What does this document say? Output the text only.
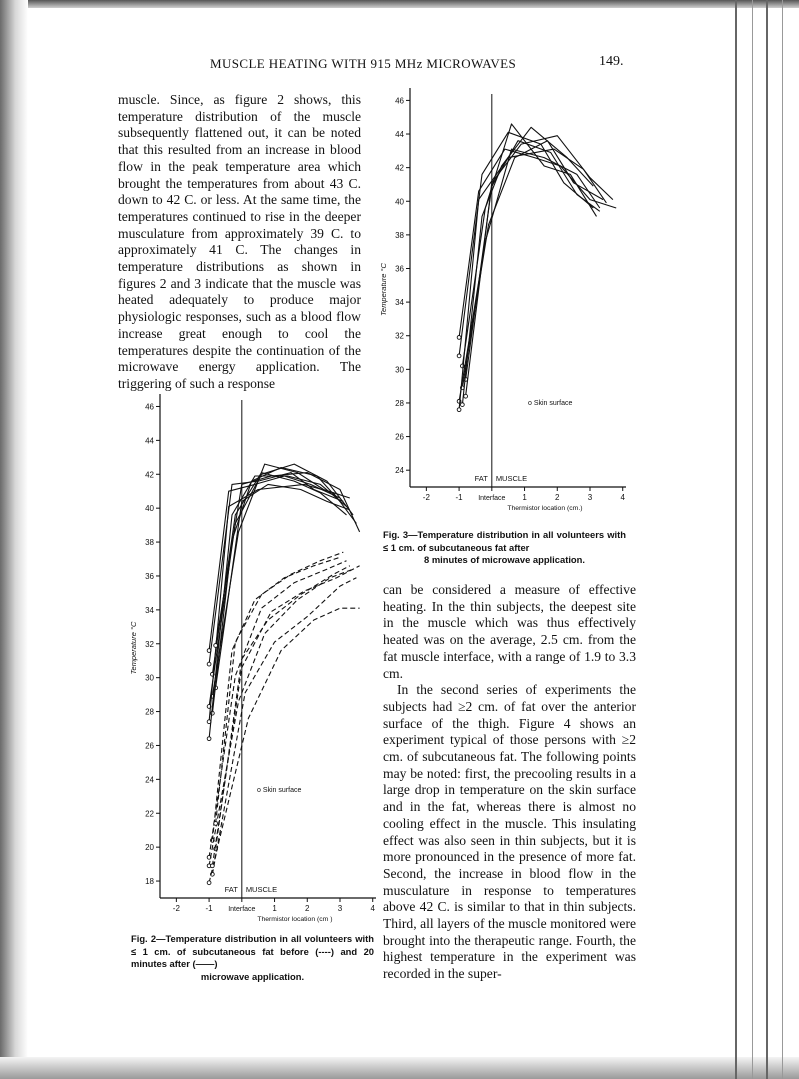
MUSCLE HEATING WITH 915 MHz MICROWAVES	149.

muscle. Since, as figure 2 shows, this temperature distribution of the muscle subsequently flattened out, it can be noted that this resulted from an increase in blood flow in the peak temperature area which brought the temperatures from about 43 C. down to 42 C. or less. At the same time, the temperatures continued to rise in the deeper musculature from approximately 39 C. to approximately 41 C. The changes in temperature distributions as shown in figures 2 and 3 indicate that the muscle was heated adequately to produce major physiologic responses, such as a blood flow increase great enough to cool the temperatures despite the continuation of the microwave energy application. The triggering of such a response

can be considered a measure of effective heating. In the thin subjects, the deepest site in the muscle which was thus effectively heated was on the average, 2.5 cm. from the fat muscle interface, with a range of 1.9 to 3.3 cm.

In the second series of experiments the subjects had ≥2 cm. of fat over the anterior surface of the thigh. Figure 4 shows an experiment typical of those persons with ≥2 cm. of subcutaneous fat. The following points may be noted: first, the precooling results in a large drop in temperature on the skin surface and in the fat, whereas there is almost no cooling effect in the muscle. This insulating effect was also seen in thin subjects, but it is more pronounced in the presence of more fat. Second, the increase in blood flow in the musculature in response to temperatures above 42 C. is similar to that in thin subjects. Third, all layers of the muscle monitored were brought into the therapeutic range. Fourth, the highest temperature in the experiment was recorded in the super-

18
20
22
24
26
28
30
32
34
36
38
40
42
44
46
-2	-1 Interface 1	2	3	4
Thermistor location (cm )
Temperature °C
FAT MUSCLE
o Skin surface
Fig. 2—Temperature distribution in all volunteers with ≤ 1 cm. of subcutaneous fat before (----) and 20 minutes after (——)
microwave application.
24
26
28
30
32
34
36
38
40
42
44
46
-2	-1 Interface 1	2	3	4
Thermistor location (cm.)
Temperature °C
FAT MUSCLE
o Skin surface
Fig. 3—Temperature distribution in all volunteers with ≤ 1 cm. of subcutaneous fat after
8 minutes of microwave application.
